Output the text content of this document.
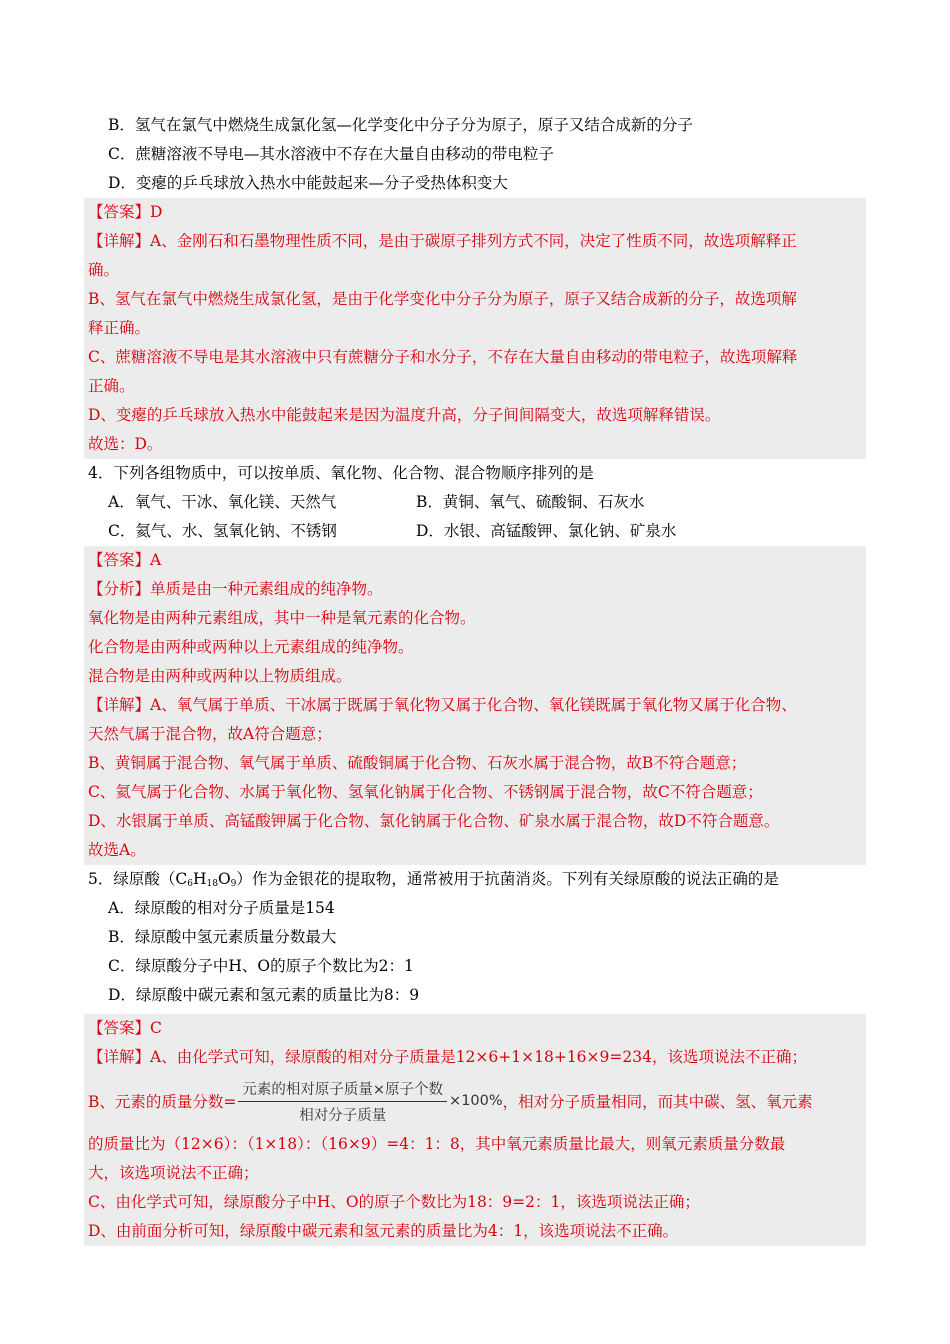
B．氢气在氯气中燃烧生成氯化氢—化学变化中分子分为原子，原子又结合成新的分子
C．蔗糖溶液不导电—其水溶液中不存在大量自由移动的带电粒子
D．变瘪的乒乓球放入热水中能鼓起来—分子受热体积变大
【答案】D
【详解】A、金刚石和石墨物理性质不同，是由于碳原子排列方式不同，决定了性质不同，故选项解释正
确。
B、氢气在氯气中燃烧生成氯化氢，是由于化学变化中分子分为原子，原子又结合成新的分子，故选项解
释正确。
C、蔗糖溶液不导电是其水溶液中只有蔗糖分子和水分子，不存在大量自由移动的带电粒子，故选项解释
正确。
D、变瘪的乒乓球放入热水中能鼓起来是因为温度升高，分子间间隔变大，故选项解释错误。
故选：D。
4．下列各组物质中，可以按单质、氧化物、化合物、混合物顺序排列的是
A．氧气、干冰、氧化镁、天然气	B．黄铜、氧气、硫酸铜、石灰水
C．氦气、水、氢氧化钠、不锈钢	D．水银、高锰酸钾、氯化钠、矿泉水
【答案】A
【分析】单质是由一种元素组成的纯净物。
氧化物是由两种元素组成，其中一种是氧元素的化合物。
化合物是由两种或两种以上元素组成的纯净物。
混合物是由两种或两种以上物质组成。
【详解】A、氧气属于单质、干冰属于既属于氧化物又属于化合物、氧化镁既属于氧化物又属于化合物、
天然气属于混合物，故A符合题意；
B、黄铜属于混合物、氧气属于单质、硫酸铜属于化合物、石灰水属于混合物，故B不符合题意；
C、氦气属于化合物、水属于氧化物、氢氧化钠属于化合物、不锈钢属于混合物，故C不符合题意；
D、水银属于单质、高锰酸钾属于化合物、氯化钠属于化合物、矿泉水属于混合物，故D不符合题意。
故选A。
5．绿原酸$(C_6H_{18}O_9)$作为金银花的提取物，通常被用于抗菌消炎。下列有关绿原酸的说法正确的是
A．绿原酸的相对分子质量是154
B．绿原酸中氢元素质量分数最大
C．绿原酸分子中H、O的原子个数比为2：1
D．绿原酸中碳元素和氢元素的质量比为8：9
【答案】C
【详解】A、由化学式可知，绿原酸的相对分子质量是12×6+1×18+16×9=234，该选项说法不正确；
B、元素的质量分数= $\frac{\text{元素的相对原子质量×原子个数}}{\text{相对分子质量}} \times 100\%$ ，相对分子质量相同，而其中碳、氢、氧元素
的质量比为（12×6）：（1×18）：（16×9）=4：1：8，其中氧元素质量比最大，则氧元素质量分数最
大，该选项说法不正确；
C、由化学式可知，绿原酸分子中H、O的原子个数比为18：9=2：1，该选项说法正确；
D、由前面分析可知，绿原酸中碳元素和氢元素的质量比为4：1，该选项说法不正确。
